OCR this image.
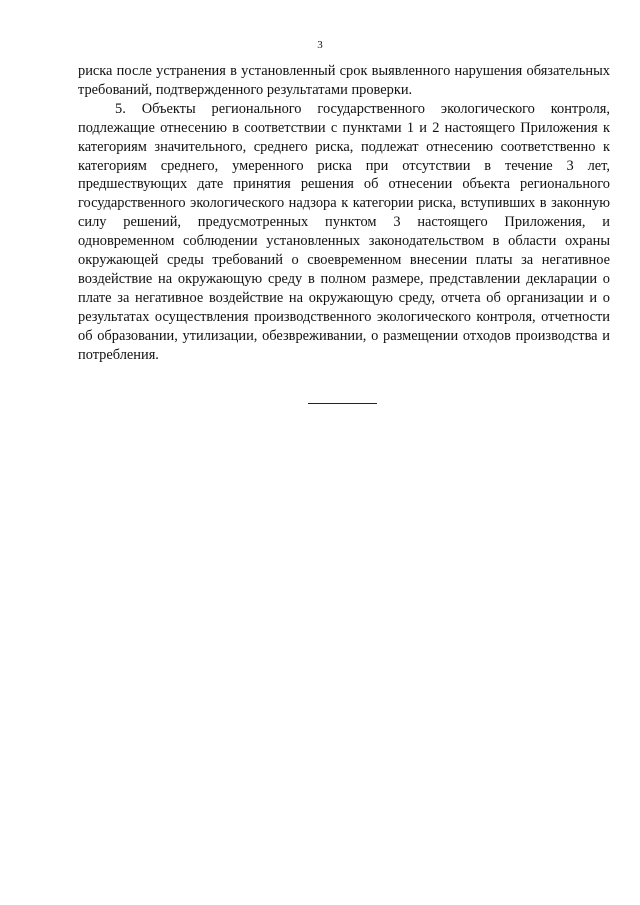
3

риска после устранения в установленный срок выявленного нарушения обязательных требований, подтвержденного результатами проверки.

5. Объекты регионального государственного экологического контроля, подлежащие отнесению в соответствии с пунктами 1 и 2 настоящего Приложения к категориям значительного, среднего риска, подлежат отнесению соответственно к категориям среднего, умеренного риска при отсутствии в течение 3 лет, предшествующих дате принятия решения об отнесении объекта регионального государственного экологического надзора к категории риска, вступивших в законную силу решений, предусмотренных пунктом 3 настоящего Приложения, и одновременном соблюдении установленных законодательством в области охраны окружающей среды требований о своевременном внесении платы за негативное воздействие на окружающую среду в полном размере, представлении декларации о плате за негативное воздействие на окружающую среду, отчета об организации и о результатах осуществления производственного экологического контроля, отчетности об образовании, утилизации, обезвреживании, о размещении отходов производства и потребления.
